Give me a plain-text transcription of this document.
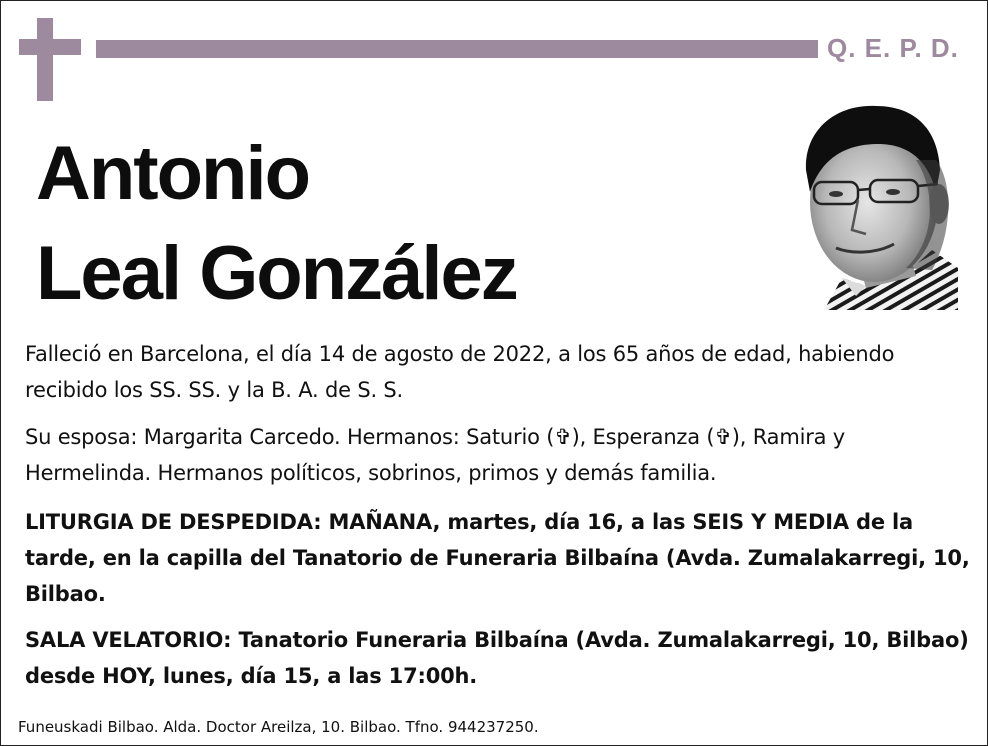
Q. E. P. D.
Antonio
Leal González
Falleció en Barcelona, el día 14 de agosto de 2022, a los 65 años de edad, habiendo recibido los SS. SS. y la B. A. de S. S.
Su esposa: Margarita Carcedo. Hermanos: Saturio (✞), Esperanza (✞), Ramira y Hermelinda. Hermanos políticos, sobrinos, primos y demás familia.
LITURGIA DE DESPEDIDA: MAÑANA, martes, día 16, a las SEIS Y MEDIA de la tarde, en la capilla del Tanatorio de Funeraria Bilbaína (Avda. Zumalakarregi, 10, Bilbao.
SALA VELATORIO: Tanatorio Funeraria Bilbaína (Avda. Zumalakarregi, 10, Bilbao) desde HOY, lunes, día 15, a las 17:00h.
Funeuskadi Bilbao. Alda. Doctor Areilza, 10. Bilbao. Tfno. 944237250.
